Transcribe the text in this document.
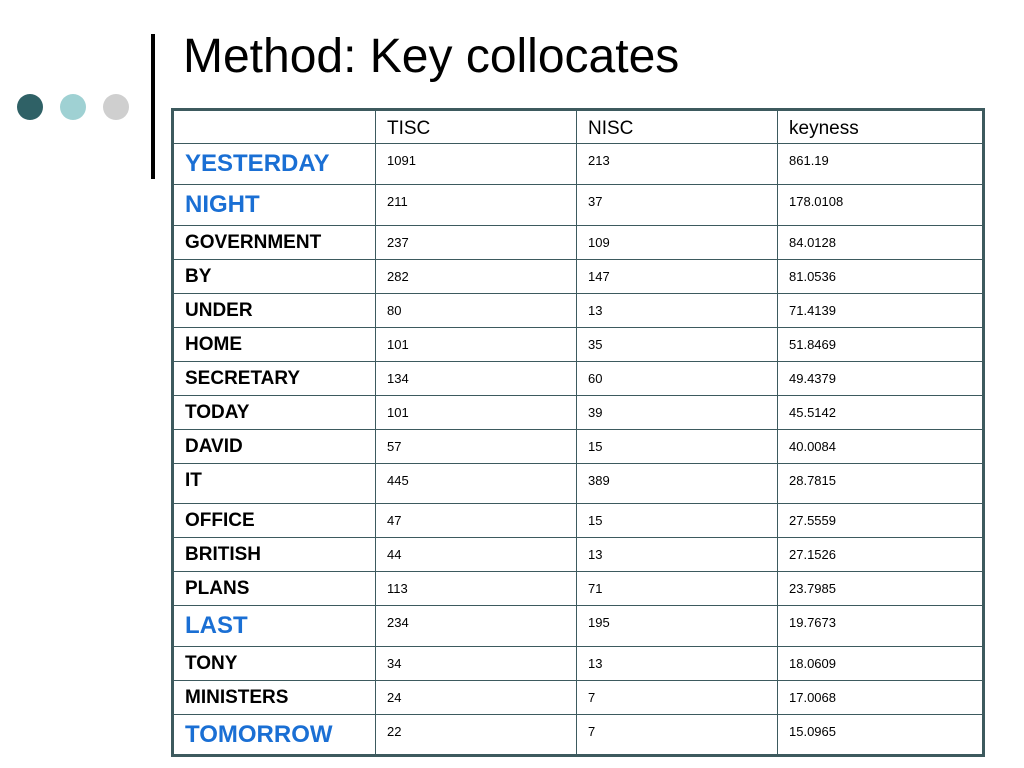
Method: Key collocates
	TISC	NISC	keyness
YESTERDAY	1091	213	861.19
NIGHT	211	37	178.0108
GOVERNMENT	237	109	84.0128
BY	282	147	81.0536
UNDER	80	13	71.4139
HOME	101	35	51.8469
SECRETARY	134	60	49.4379
TODAY	101	39	45.5142
DAVID	57	15	40.0084
IT	445	389	28.7815
OFFICE	47	15	27.5559
BRITISH	44	13	27.1526
PLANS	113	71	23.7985
LAST	234	195	19.7673
TONY	34	13	18.0609
MINISTERS	24	7	17.0068
TOMORROW	22	7	15.0965
